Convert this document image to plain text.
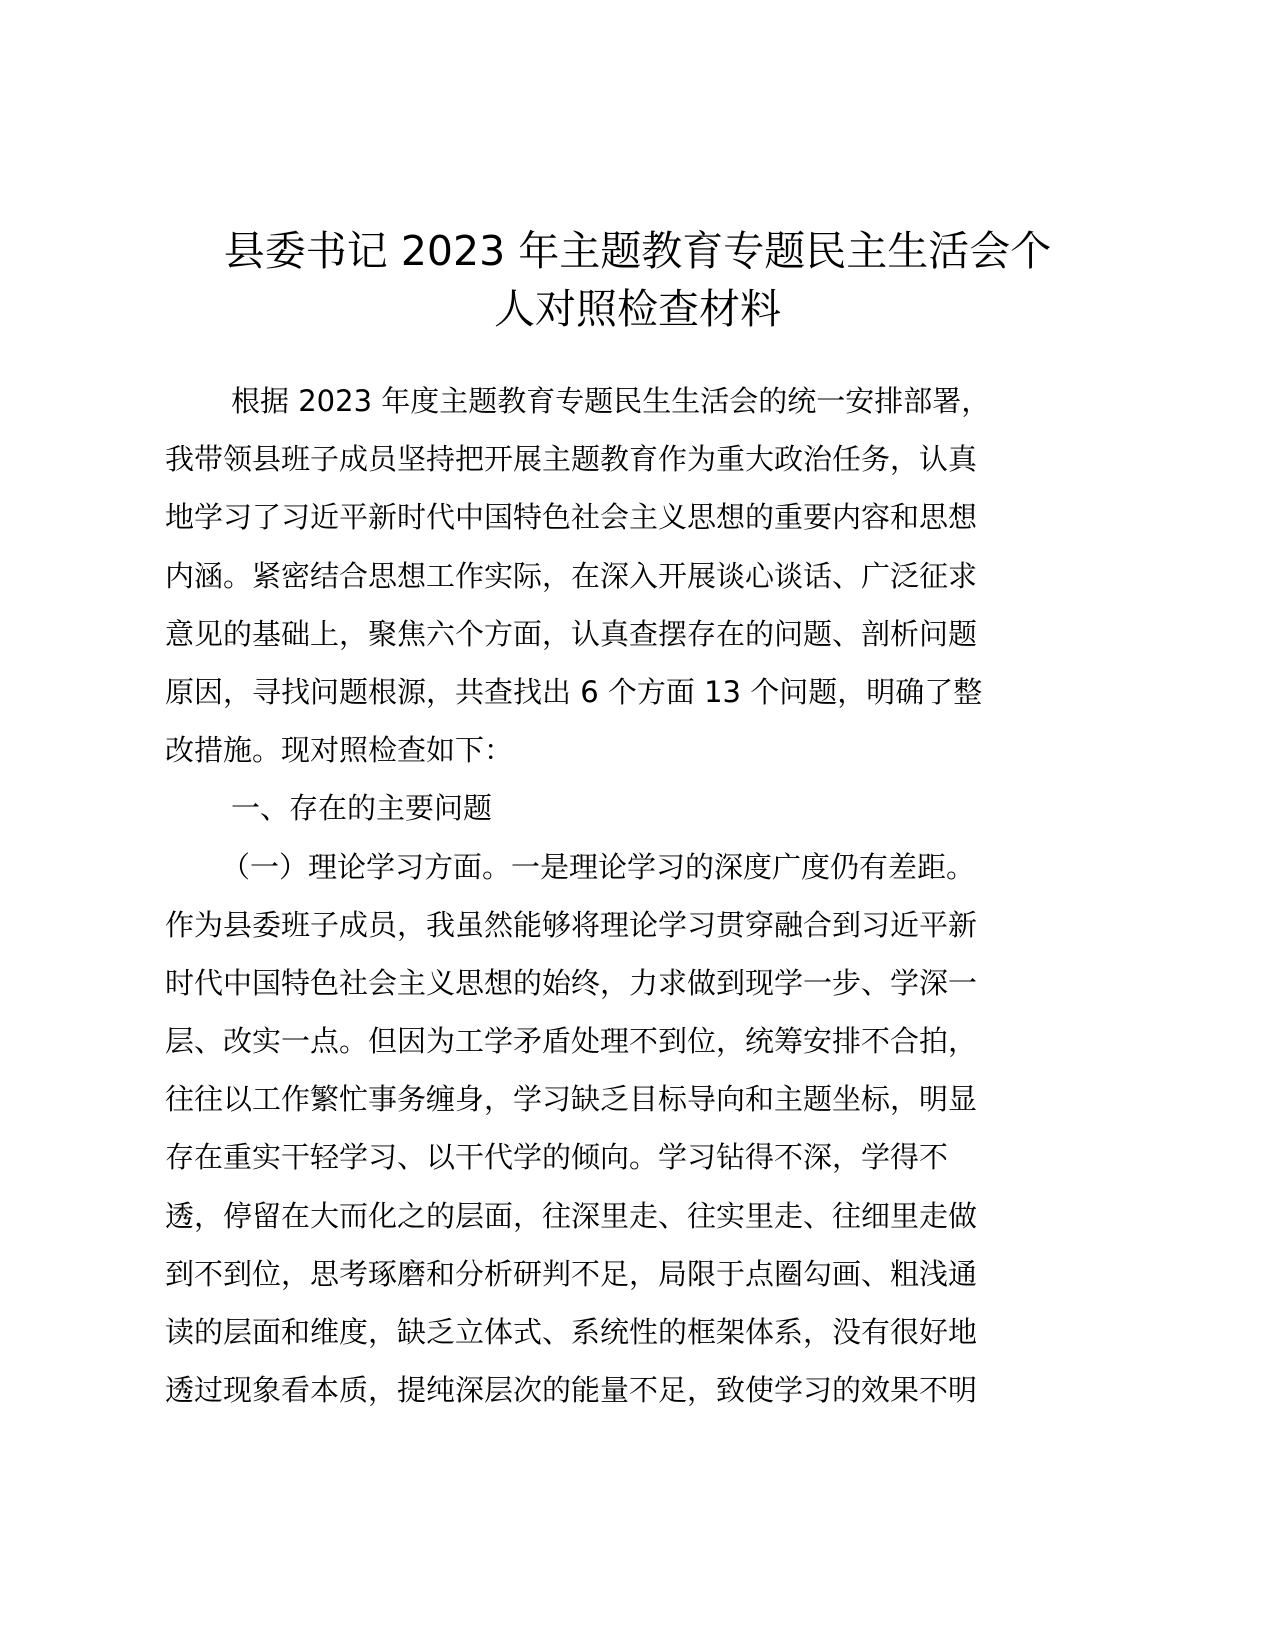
县委书记 2023 年主题教育专题民主生活会个
人对照检查材料
根据 2023 年度主题教育专题民生生活会的统一安排部署，
我带领县班子成员坚持把开展主题教育作为重大政治任务，认真
地学习了习近平新时代中国特色社会主义思想的重要内容和思想
内涵。紧密结合思想工作实际，在深入开展谈心谈话、广泛征求
意见的基础上，聚焦六个方面，认真查摆存在的问题、剖析问题
原因，寻找问题根源，共查找出 6 个方面 13 个问题，明确了整
改措施。现对照检查如下：
一、存在的主要问题
（一）理论学习方面。一是理论学习的深度广度仍有差距。
作为县委班子成员，我虽然能够将理论学习贯穿融合到习近平新
时代中国特色社会主义思想的始终，力求做到现学一步、学深一
层、改实一点。但因为工学矛盾处理不到位，统筹安排不合拍，
往往以工作繁忙事务缠身，学习缺乏目标导向和主题坐标，明显
存在重实干轻学习、以干代学的倾向。学习钻得不深，学得不
透，停留在大而化之的层面，往深里走、往实里走、往细里走做
到不到位，思考琢磨和分析研判不足，局限于点圈勾画、粗浅通
读的层面和维度，缺乏立体式、系统性的框架体系，没有很好地
透过现象看本质，提纯深层次的能量不足，致使学习的效果不明
